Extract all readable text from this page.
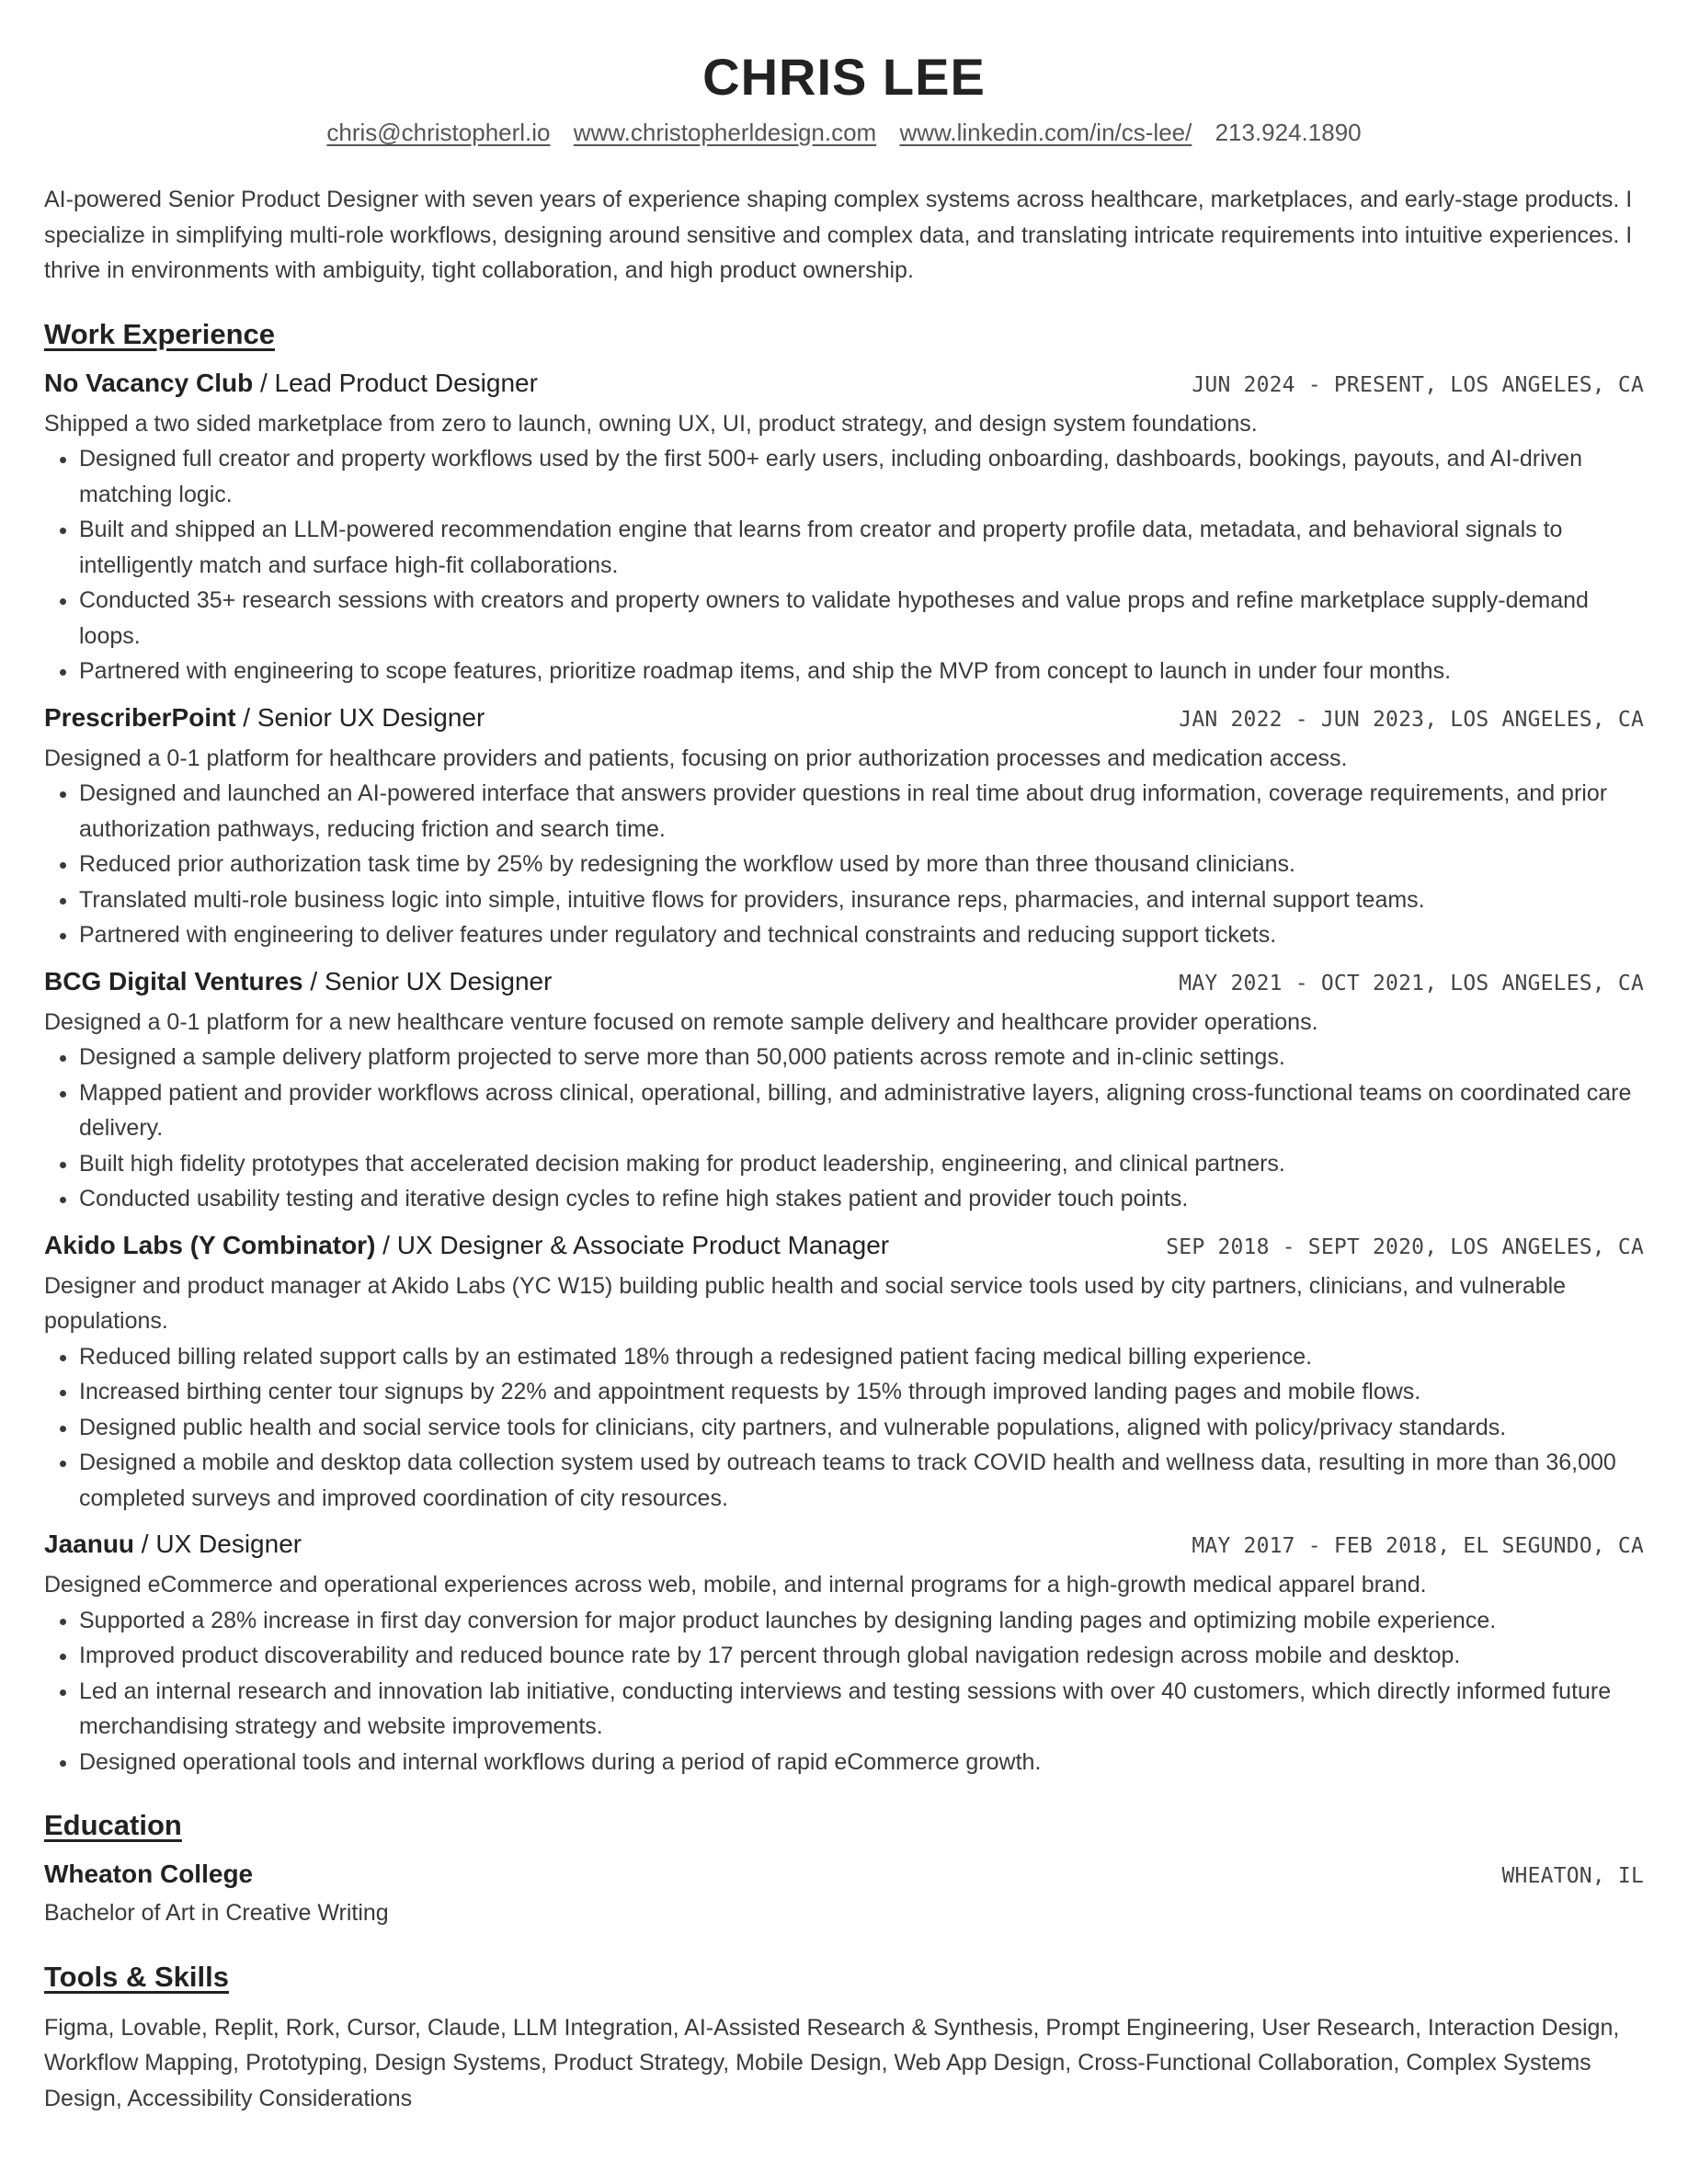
CHRIS LEE
chris@christopherl.io www.christopherldesign.com www.linkedin.com/in/cs-lee/ 213.924.1890
AI-powered Senior Product Designer with seven years of experience shaping complex systems across healthcare, marketplaces, and early-stage products. I specialize in simplifying multi-role workflows, designing around sensitive and complex data, and translating intricate requirements into intuitive experiences. I thrive in environments with ambiguity, tight collaboration, and high product ownership.
Work Experience
No Vacancy Club / Lead Product Designer	JUN 2024 - PRESENT, LOS ANGELES, CA
Shipped a two sided marketplace from zero to launch, owning UX, UI, product strategy, and design system foundations.
• Designed full creator and property workflows used by the first 500+ early users, including onboarding, dashboards, bookings, payouts, and AI-driven matching logic.
• Built and shipped an LLM-powered recommendation engine that learns from creator and property profile data, metadata, and behavioral signals to intelligently match and surface high-fit collaborations.
• Conducted 35+ research sessions with creators and property owners to validate hypotheses and value props and refine marketplace supply-demand loops.
• Partnered with engineering to scope features, prioritize roadmap items, and ship the MVP from concept to launch in under four months.
PrescriberPoint / Senior UX Designer	JAN 2022 - JUN 2023, LOS ANGELES, CA
Designed a 0-1 platform for healthcare providers and patients, focusing on prior authorization processes and medication access.
• Designed and launched an AI-powered interface that answers provider questions in real time about drug information, coverage requirements, and prior authorization pathways, reducing friction and search time.
• Reduced prior authorization task time by 25% by redesigning the workflow used by more than three thousand clinicians.
• Translated multi-role business logic into simple, intuitive flows for providers, insurance reps, pharmacies, and internal support teams.
• Partnered with engineering to deliver features under regulatory and technical constraints and reducing support tickets.
BCG Digital Ventures / Senior UX Designer	MAY 2021 - OCT 2021, LOS ANGELES, CA
Designed a 0-1 platform for a new healthcare venture focused on remote sample delivery and healthcare provider operations.
• Designed a sample delivery platform projected to serve more than 50,000 patients across remote and in-clinic settings.
• Mapped patient and provider workflows across clinical, operational, billing, and administrative layers, aligning cross-functional teams on coordinated care delivery.
• Built high fidelity prototypes that accelerated decision making for product leadership, engineering, and clinical partners.
• Conducted usability testing and iterative design cycles to refine high stakes patient and provider touch points.
Akido Labs (Y Combinator) / UX Designer & Associate Product Manager	SEP 2018 - SEPT 2020, LOS ANGELES, CA
Designer and product manager at Akido Labs (YC W15) building public health and social service tools used by city partners, clinicians, and vulnerable populations.
• Reduced billing related support calls by an estimated 18% through a redesigned patient facing medical billing experience.
• Increased birthing center tour signups by 22% and appointment requests by 15% through improved landing pages and mobile flows.
• Designed public health and social service tools for clinicians, city partners, and vulnerable populations, aligned with policy/privacy standards.
• Designed a mobile and desktop data collection system used by outreach teams to track COVID health and wellness data, resulting in more than 36,000 completed surveys and improved coordination of city resources.
Jaanuu / UX Designer	MAY 2017 - FEB 2018, EL SEGUNDO, CA
Designed eCommerce and operational experiences across web, mobile, and internal programs for a high-growth medical apparel brand.
• Supported a 28% increase in first day conversion for major product launches by designing landing pages and optimizing mobile experience.
• Improved product discoverability and reduced bounce rate by 17 percent through global navigation redesign across mobile and desktop.
• Led an internal research and innovation lab initiative, conducting interviews and testing sessions with over 40 customers, which directly informed future merchandising strategy and website improvements.
• Designed operational tools and internal workflows during a period of rapid eCommerce growth.
Education
Wheaton College	WHEATON, IL
Bachelor of Art in Creative Writing
Tools & Skills
Figma, Lovable, Replit, Rork, Cursor, Claude, LLM Integration, AI-Assisted Research & Synthesis, Prompt Engineering, User Research, Interaction Design, Workflow Mapping, Prototyping, Design Systems, Product Strategy, Mobile Design, Web App Design, Cross-Functional Collaboration, Complex Systems Design, Accessibility Considerations
